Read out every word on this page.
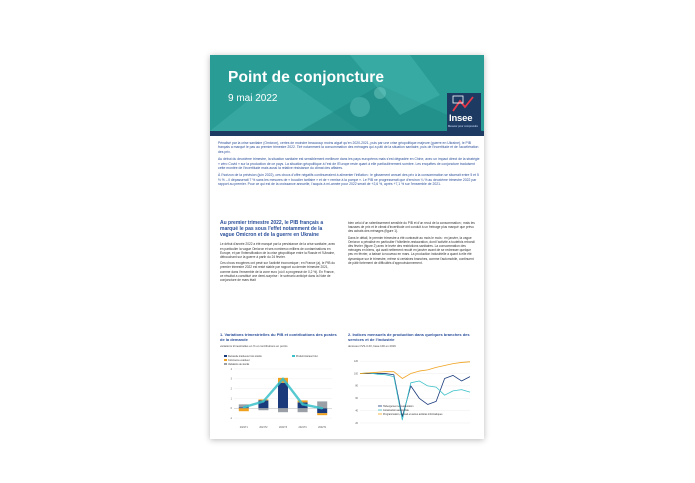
Point de conjoncture
9 mai 2022
Insee
Mesurer pour comprendre

Pénalisé par la crise sanitaire (Omicron), certes de moindre beaucoup moins aiguë qu'en 2020-2021, puis par une crise géopolitique majeure (guerre en Ukraine), le PIB français a marqué le pas au premier trimestre 2022. Tiré notamment la consommation des ménages qui a pâti de la situation sanitaire, puis de l'incertitude et de l'accélération des prix.

Au début du deuxième trimestre, la situation sanitaire est sensiblement meilleure dans les pays européens mais s'est dégradée en Chine, avec un impact direct de la stratégie « zéro Covid » sur la production de ce pays. La situation géopolitique à l'est de l'Europe reste quant à elle particulièrement sombre. Les enquêtes de conjoncture traduisent cette montée de l'incertitude mais aussi la relative résistance du climat des affaires.

À l'horizon de la prévision (juin 2022), ces chocs d'offre négatifs continueraient à alimenter l'inflation : le glissement annuel des prix à la consommation se situerait entre 5 et 5 ½ % – il dépasserait 7 % sans les mesures de « bouclier tarifaire » et de « remise à la pompe ». Le PIB ne progresserait que d'environ ¼ % au deuxième trimestre 2022 par rapport au premier. Pour ce qui est de la croissance annuelle, l'acquis à mi-année pour 2022 serait de +2,6 %, après +7,1 % sur l'ensemble de 2021.

Au premier trimestre 2022, le PIB français a marqué le pas sous l'effet notamment de la vague Omicron et de la guerre en Ukraine

Le début d'année 2022 a été marqué par la persistance de la crise sanitaire, avec en particulier la vague Omicron et ses nombreux milliers de contaminations en Europe, et par l'intensification de la crise géopolitique entre la Russie et l'Ukraine, débouchant sur la guerre à partir du 24 février.

Ces chocs exogènes ont pesé sur l'activité économique ; en France (a), le PIB du premier trimestre 2022 est resté stable par rapport au dernier trimestre 2021, comme dans l'ensemble de la zone euro (où il a progressé de 0,2 %). En France, ce résultat a constitué une demi-surprise : le scénario anticipé dans la Note de conjoncture de mars était

bien celui d'un ralentissement sensible du PIB et d'un recul de la consommation ; mais les hausses de prix et le climat d'incertitude ont conduit à un freinage plus marqué que prévu des achats des ménages (figure 1).

Dans le détail, le premier trimestre a été contrasté au mois le mois : en janvier, la vague Omicron a pénalisé en particulier l'hôtellerie-restauration, dont l'activité a toutefois rebondi dès février (figure 2) avec le levée des restrictions sanitaires. La consommation des ménages en biens, qui avait nettement reculé en janvier avant de se redresser quelque peu en février, a baissé à nouveau en mars. La production industrielle a quant à elle été dynamique sur le trimestre, même si certaines branches, comme l'automobile, continuent de pâtir fortement de difficultés d'approvisionnement.

1. Variations trimestrielles du PIB et contributions des postes de la demande
variations trimestrielles en % et contributions en points
-1
0
1
2
3
4
2021T1	2021T2	2021T3	2021T4	2022T1
Demande intérieure hors stocks
Commerce extérieur
Variations de stocks
Produit intérieur brut
2. Indices mensuels de production dans quelques branches des services et de l'industrie
données CVS-CJO, base 100 en 2019
20
40
60
80
100
120
Hébergement et restauration
Construction automobile
Programmation, conseil et autres activités informatiques
